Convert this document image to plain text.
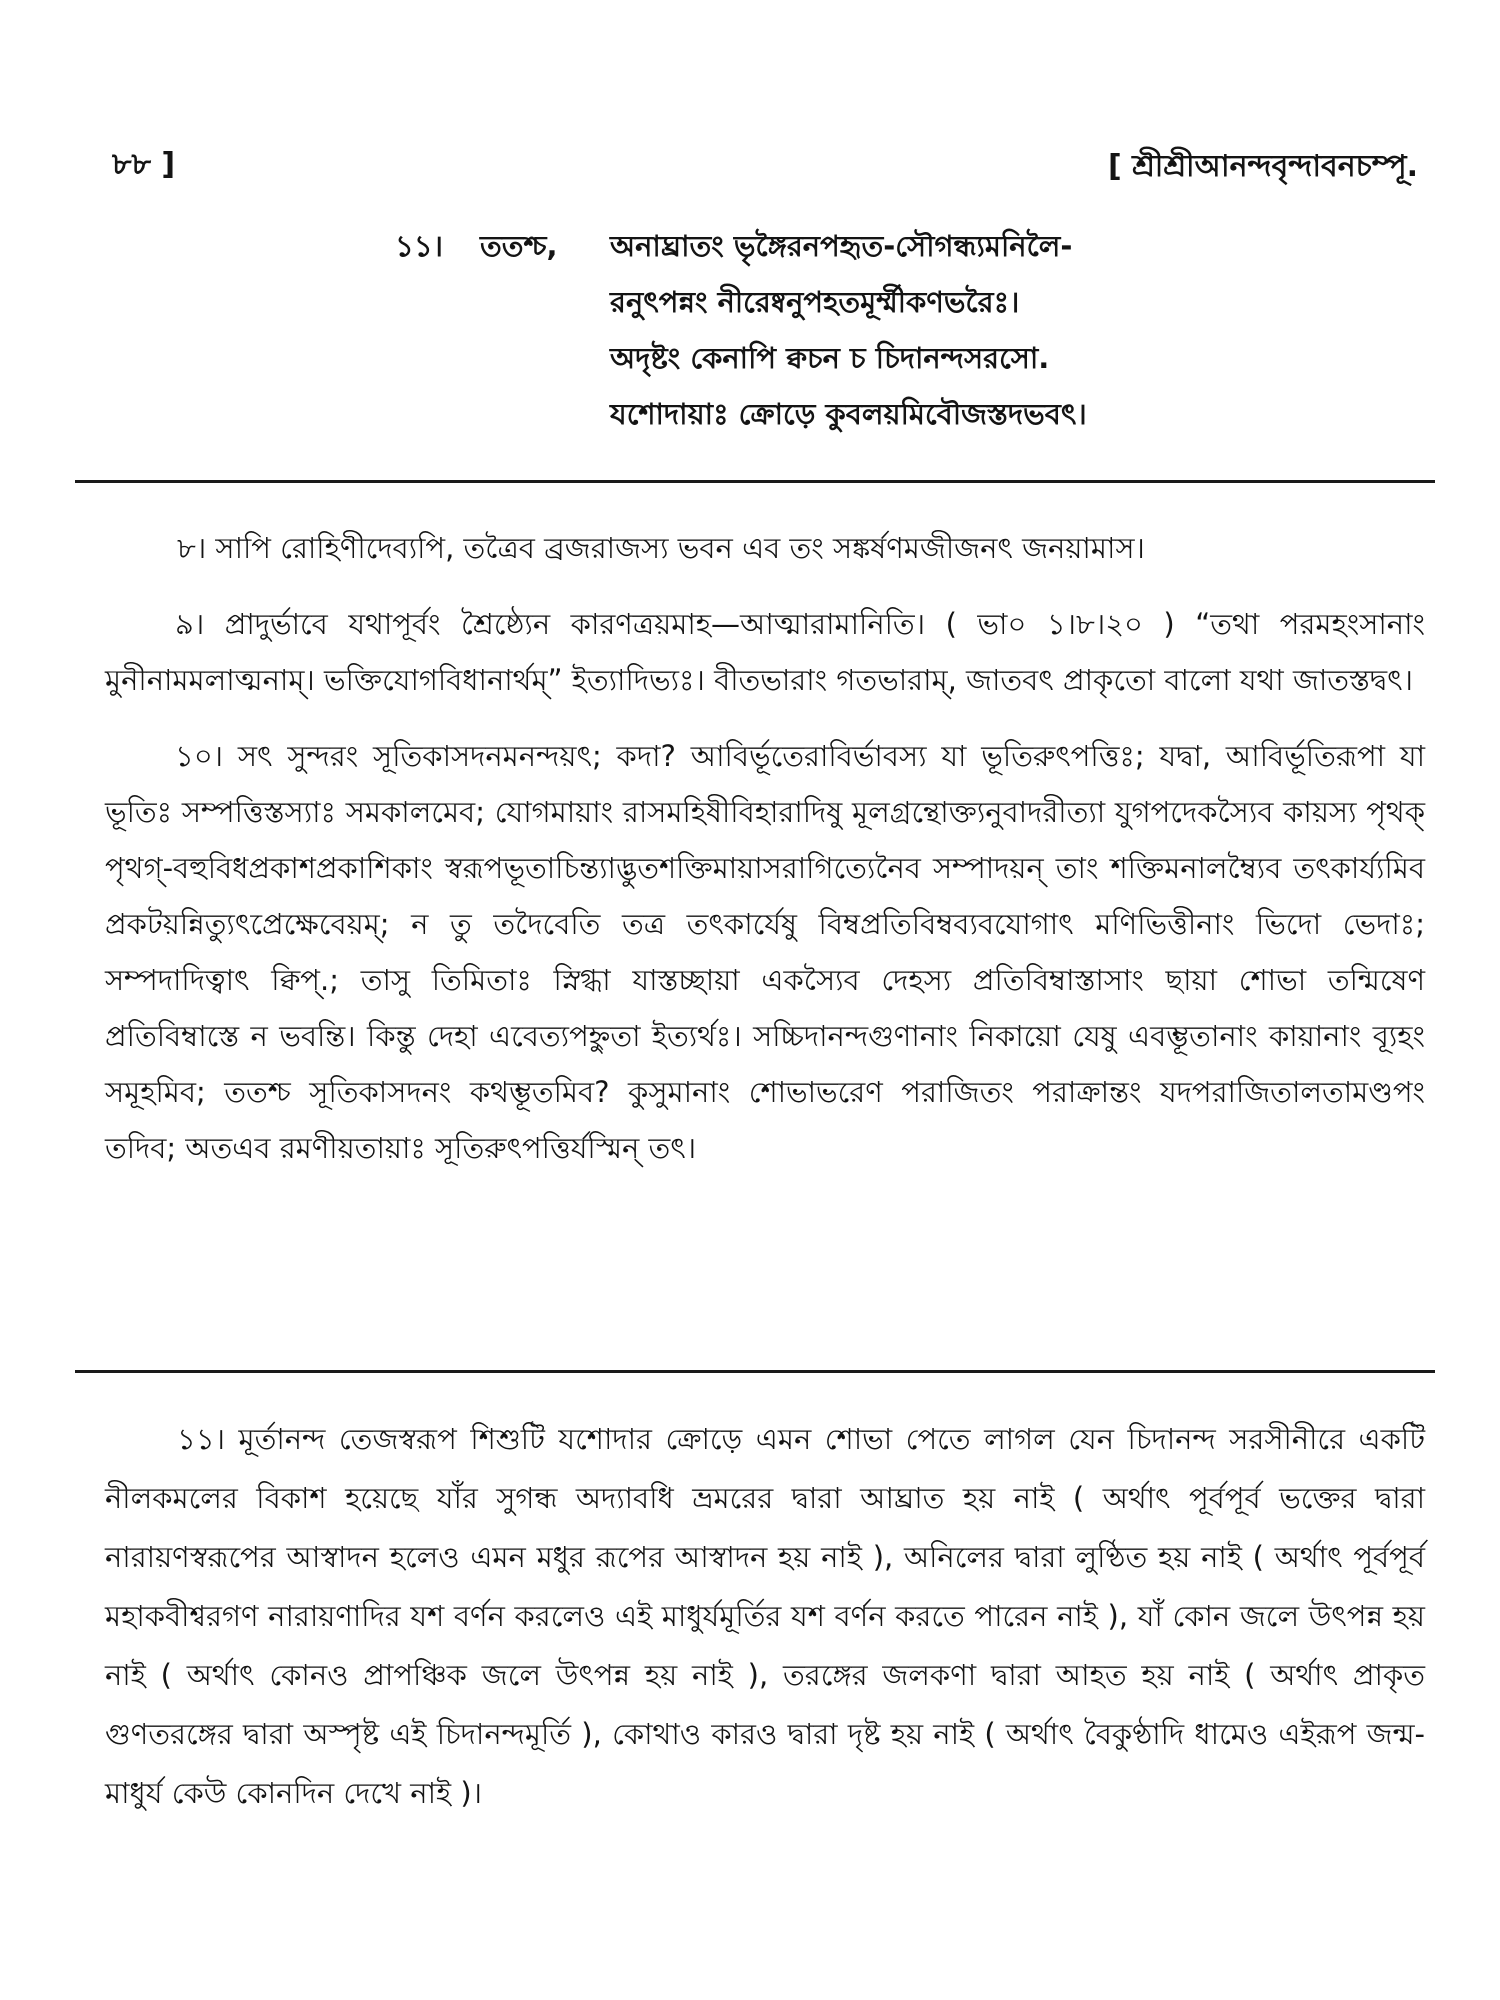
৮৮ ]	[ শ্রীশ্রীআনন্দবৃন্দাবনচম্পূ.
১১। ততশ্চ, অনাঘ্রাতং ভৃঙ্গৈরনপহৃত-সৌগন্ধ্যমনিলৈ-
রনুৎপন্নং নীরেষ্বনুপহতমূর্ম্মীকণভরৈঃ।
অদৃষ্টং কেনাপি ক্বচন চ চিদানন্দসরসো.
যশোদায়াঃ ক্রোড়ে কুবলয়মিবৌজস্তদভবৎ।

৮। সাপি রোহিণীদেব্যপি, তত্রৈব ব্রজরাজস্য ভবন এব তং সঙ্কর্ষণমজীজনৎ জনয়ামাস।

৯। প্রাদুর্ভাবে যথাপূর্বং শ্রৈষ্ঠ্যেন কারণত্রয়মাহ—আত্মারামানিতি। ( ভা০ ১।৮।২০ ) “তথা পরমহংসানাং মুনীনামমলাত্মনাম্। ভক্তিযোগবিধানার্থম্” ইত্যাদিভ্যঃ। বীতভারাং গতভারাম্, জাতবৎ প্রাকৃতো বালো যথা জাতস্তদ্বৎ।

১০। সৎ সুন্দরং সূতিকাসদনমনন্দয়ৎ; কদা? আবির্ভূতেরাবির্ভাবস্য যা ভূতিরুৎপত্তিঃ; যদ্বা, আবির্ভূতিরূপা যা ভূতিঃ সম্পত্তিস্তস্যাঃ সমকালমেব; যোগমায়াং রাসমহিষীবিহারাদিষু মূলগ্রন্থোক্ত্যনুবাদরীত্যা যুগপদেকস্যৈব কায়স্য পৃথক্ পৃথগ্-বহুবিধপ্রকাশপ্রকাশিকাং স্বরূপভূতাচিন্ত্যাদ্ভুতশক্তিমায়াসরাগিত্যেনৈব সম্পাদয়ন্ তাং শক্তিমনালম্ব্যৈব তৎকার্য্যমিব প্রকটয়ন্নিত্যুৎপ্রেক্ষেবেয়ম্; ন তু তদৈবেতি তত্র তৎকার্যেষু বিম্বপ্রতিবিম্বব্যবযোগাৎ মণিভিত্তীনাং ভিদো ভেদাঃ; সম্পদাদিত্বাৎ ক্বিপ্.; তাসু তিমিতাঃ স্নিগ্ধা যাস্তচ্ছায়া একস্যৈব দেহস্য প্রতিবিম্বাস্তাসাং ছায়া শোভা তন্মিষেণ প্রতিবিম্বাস্তে ন ভবন্তি। কিন্তু দেহা এবেত্যপহ্নুতা ইত্যর্থঃ। সচ্চিদানন্দগুণানাং নিকায়ো যেষু এবম্ভূতানাং কায়ানাং ব্যূহং সমূহমিব; ততশ্চ সূতিকাসদনং কথম্ভূতমিব? কুসুমানাং শোভাভরেণ পরাজিতং পরাক্রান্তং যদপরাজিতালতামণ্ডপং তদিব; অতএব রমণীয়তায়াঃ সূতিরুৎপত্তির্যস্মিন্ তৎ।

১১। মূর্তানন্দ তেজস্বরূপ শিশুটি যশোদার ক্রোড়ে এমন শোভা পেতে লাগল যেন চিদানন্দ সরসীনীরে একটি নীলকমলের বিকাশ হয়েছে যাঁর সুগন্ধ অদ্যাবধি ভ্রমরের দ্বারা আঘ্রাত হয় নাই ( অর্থাৎ পূর্বপূর্ব ভক্তের দ্বারা নারায়ণস্বরূপের আস্বাদন হলেও এমন মধুর রূপের আস্বাদন হয় নাই ), অনিলের দ্বারা লুণ্ঠিত হয় নাই ( অর্থাৎ পূর্বপূর্ব মহাকবীশ্বরগণ নারায়ণাদির যশ বর্ণন করলেও এই মাধুর্যমূর্তির যশ বর্ণন করতে পারেন নাই ), যাঁ কোন জলে উৎপন্ন হয় নাই ( অর্থাৎ কোনও প্রাপঞ্চিক জলে উৎপন্ন হয় নাই ), তরঙ্গের জলকণা দ্বারা আহত হয় নাই ( অর্থাৎ প্রাকৃত গুণতরঙ্গের দ্বারা অস্পৃষ্ট এই চিদানন্দমূর্তি ), কোথাও কারও দ্বারা দৃষ্ট হয় নাই ( অর্থাৎ বৈকুণ্ঠাদি ধামেও এইরূপ জন্ম-মাধুর্য কেউ কোনদিন দেখে নাই )।
